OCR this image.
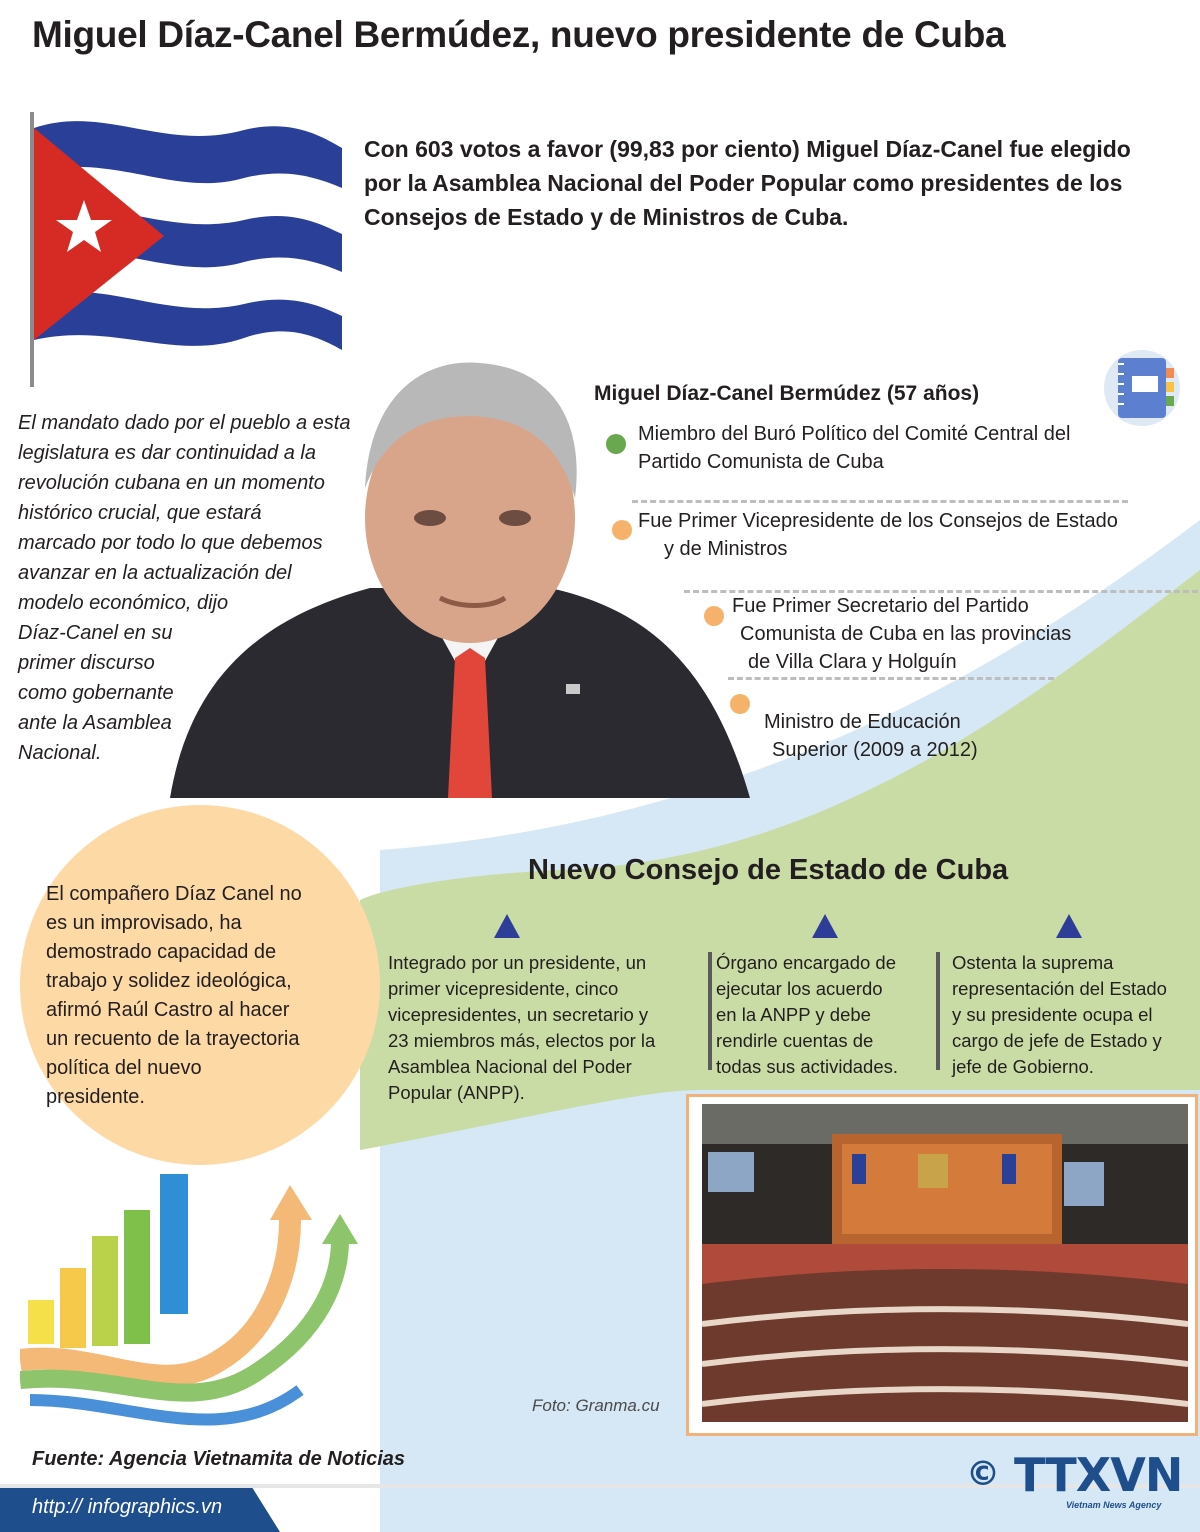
Miguel Díaz-Canel Bermúdez, nuevo presidente de Cuba
Con 603 votos a favor (99,83 por ciento) Miguel Díaz-Canel fue elegido por la Asamblea Nacional del Poder Popular como presidentes de los Consejos de Estado y de Ministros de Cuba.
El mandato dado por el pueblo a esta
legislatura es dar continuidad a la
revolución cubana en un momento
histórico crucial, que estará
marcado por todo lo que debemos
avanzar en la actualización del
modelo económico, dijo
Díaz-Canel en su
primer discurso
como gobernante
ante la Asamblea
Nacional.
Miguel Díaz-Canel Bermúdez (57 años)
Miembro del Buró Político del Comité Central del
Partido Comunista de Cuba
Fue Primer Vicepresidente de los Consejos de Estado
y de Ministros
Fue Primer Secretario del Partido
Comunista de Cuba en las provincias
de Villa Clara y Holguín
Ministro de Educación
Superior (2009 a 2012)
El compañero Díaz Canel no
es un improvisado, ha
demostrado capacidad de
trabajo y solidez ideológica,
afirmó Raúl Castro al hacer
un recuento de la trayectoria
política del nuevo
presidente.
Nuevo Consejo de Estado de Cuba
Integrado por un presidente, un
primer vicepresidente, cinco
vicepresidentes, un secretario y
23 miembros más, electos por la
Asamblea Nacional del Poder
Popular (ANPP).
Órgano encargado de
ejecutar los acuerdo
en la ANPP y debe
rendirle cuentas de
todas sus actividades.
Ostenta la suprema
representación del Estado
y su presidente ocupa el
cargo de jefe de Estado y
jefe de Gobierno.
Foto: Granma.cu
Fuente: Agencia Vietnamita de Noticias
http:// infographics.vn
© TTXVN
Vietnam News Agency
